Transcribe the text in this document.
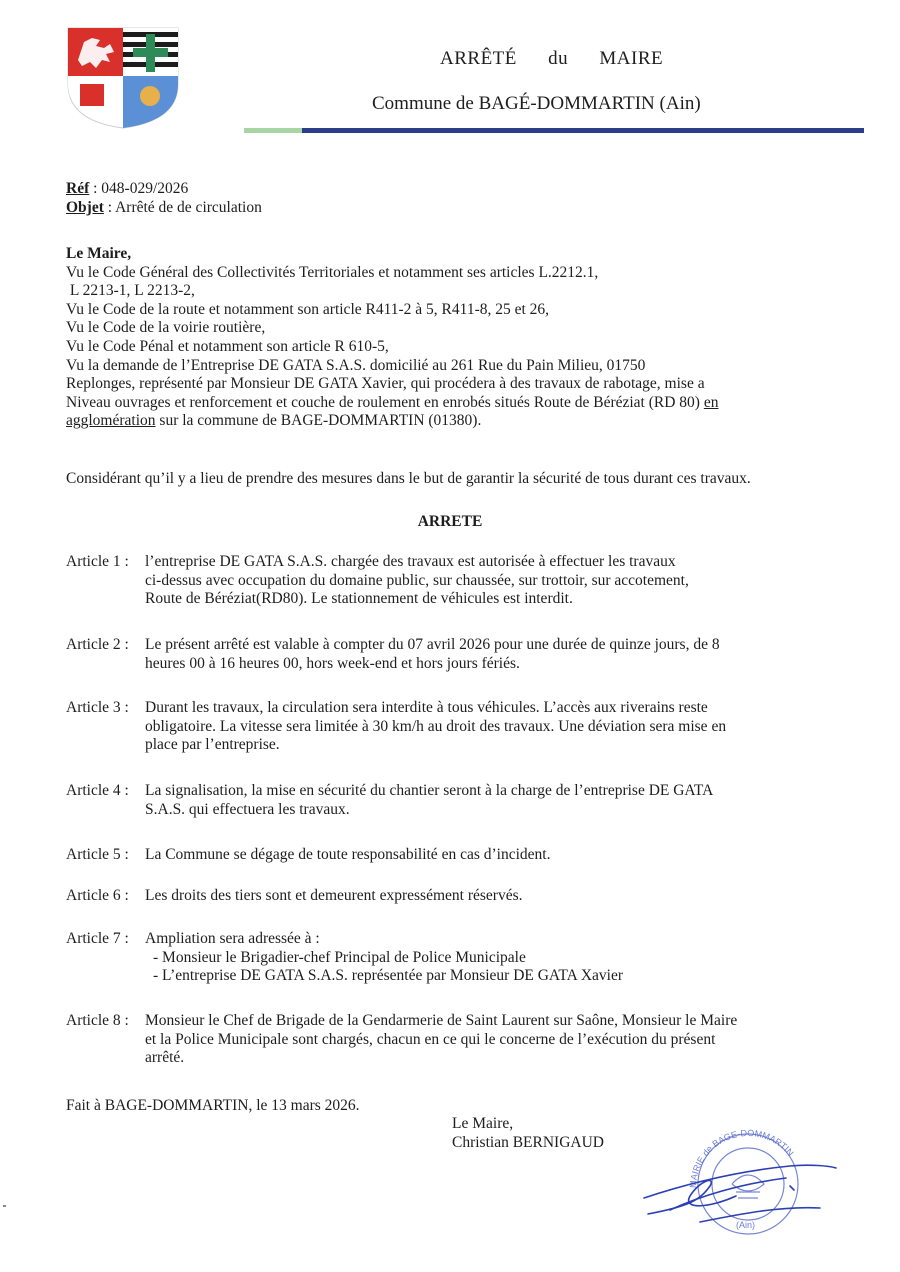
ARRÊTÉ du MAIRE
Commune de BAGÉ-DOMMARTIN (Ain)
Réf : 048-029/2026
Objet : Arrêté de de circulation
Le Maire,
Vu le Code Général des Collectivités Territoriales et notamment ses articles L.2212.1,
L 2213-1, L 2213-2,
Vu le Code de la route et notamment son article R411-2 à 5, R411-8, 25 et 26,
Vu le Code de la voirie routière,
Vu le Code Pénal et notamment son article R 610-5,
Vu la demande de l’Entreprise DE GATA S.A.S. domicilié au 261 Rue du Pain Milieu, 01750
Replonges, représenté par Monsieur DE GATA Xavier, qui procédera à des travaux de rabotage, mise a
Niveau ouvrages et renforcement et couche de roulement en enrobés situés Route de Béréziat (RD 80) en
agglomération sur la commune de BAGE-DOMMARTIN (01380).
Considérant qu’il y a lieu de prendre des mesures dans le but de garantir la sécurité de tous durant ces travaux.
ARRETE
Article 1 : l’entreprise DE GATA S.A.S. chargée des travaux est autorisée à effectuer les travaux
ci-dessus avec occupation du domaine public, sur chaussée, sur trottoir, sur accotement,
Route de Béréziat(RD80). Le stationnement de véhicules est interdit.
Article 2 : Le présent arrêté est valable à compter du 07 avril 2026 pour une durée de quinze jours, de 8
heures 00 à 16 heures 00, hors week-end et hors jours fériés.
Article 3 : Durant les travaux, la circulation sera interdite à tous véhicules. L’accès aux riverains reste
obligatoire. La vitesse sera limitée à 30 km/h au droit des travaux. Une déviation sera mise en
place par l’entreprise.
Article 4 : La signalisation, la mise en sécurité du chantier seront à la charge de l’entreprise DE GATA
S.A.S. qui effectuera les travaux.
Article 5 : La Commune se dégage de toute responsabilité en cas d’incident.
Article 6 : Les droits des tiers sont et demeurent expressément réservés.
Article 7 : Ampliation sera adressée à :
- Monsieur le Brigadier-chef Principal de Police Municipale
- L’entreprise DE GATA S.A.S. représentée par Monsieur DE GATA Xavier
Article 8 : Monsieur le Chef de Brigade de la Gendarmerie de Saint Laurent sur Saône, Monsieur le Maire
et la Police Municipale sont chargés, chacun en ce qui le concerne de l’exécution du présent
arrêté.
Fait à BAGE-DOMMARTIN, le 13 mars 2026.
Le Maire,
Christian BERNIGAUD
MAIRIE de BAGE-DOMMARTIN
(Ain)
